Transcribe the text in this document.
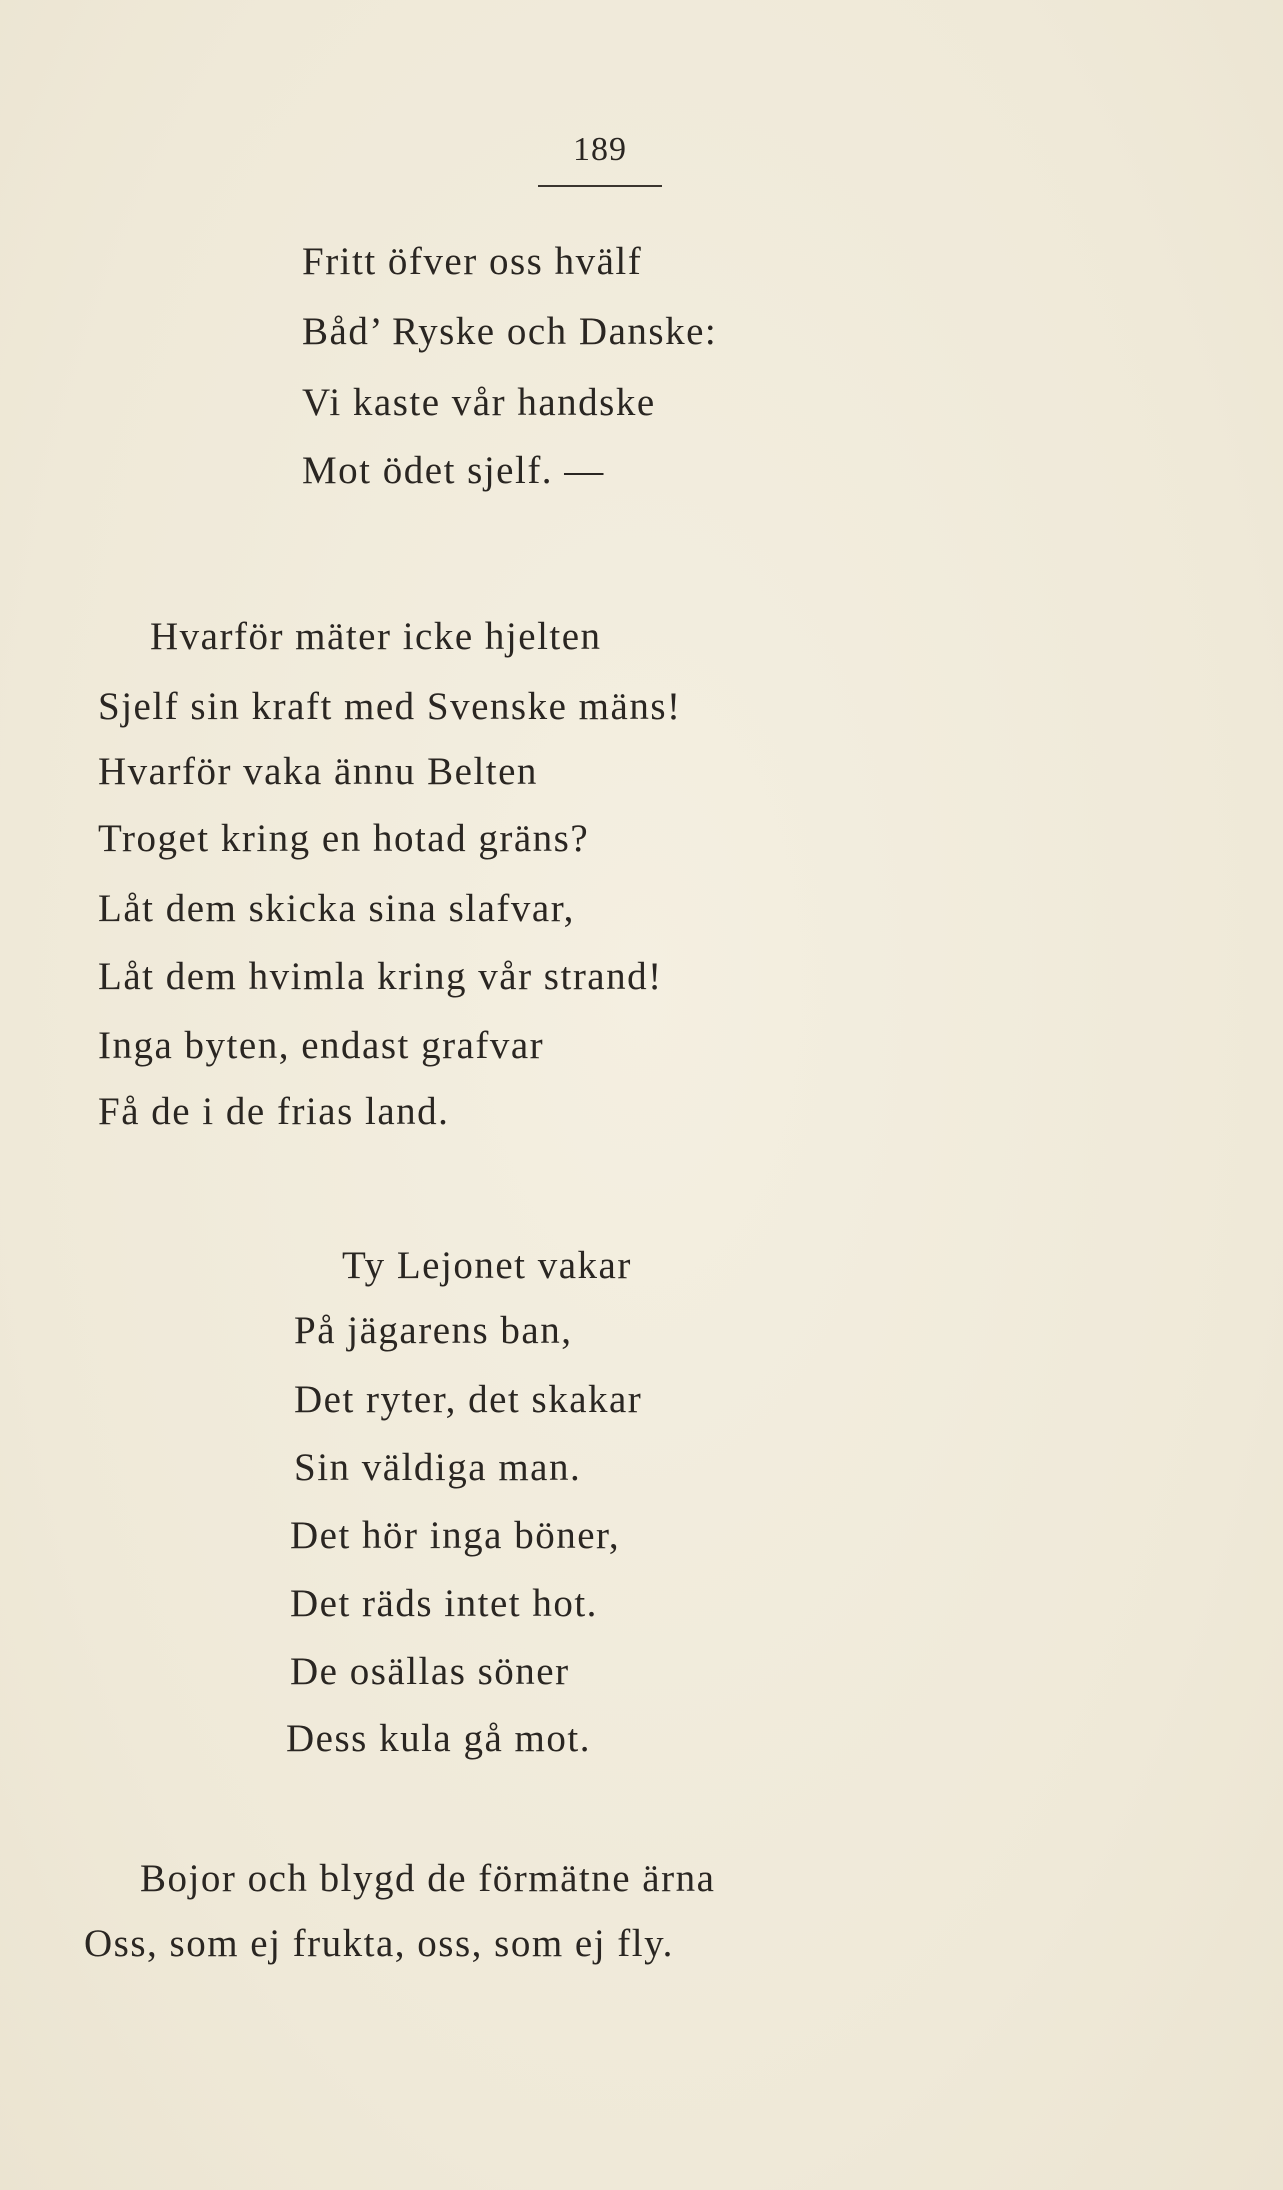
189
Fritt öfver oss hvälf
Båd’ Ryske och Danske:
Vi kaste vår handske
Mot ödet sjelf. —
Hvarför mäter icke hjelten
Sjelf sin kraft med Svenske mäns!
Hvarför vaka ännu Belten
Troget kring en hotad gräns?
Låt dem skicka sina slafvar,
Låt dem hvimla kring vår strand!
Inga byten, endast grafvar
Få de i de frias land.
Ty Lejonet vakar
På jägarens ban,
Det ryter, det skakar
Sin väldiga man.
Det hör inga böner,
Det räds intet hot.
De osällas söner
Dess kula gå mot.
Bojor och blygd de förmätne ärna
Oss, som ej frukta, oss, som ej fly.
